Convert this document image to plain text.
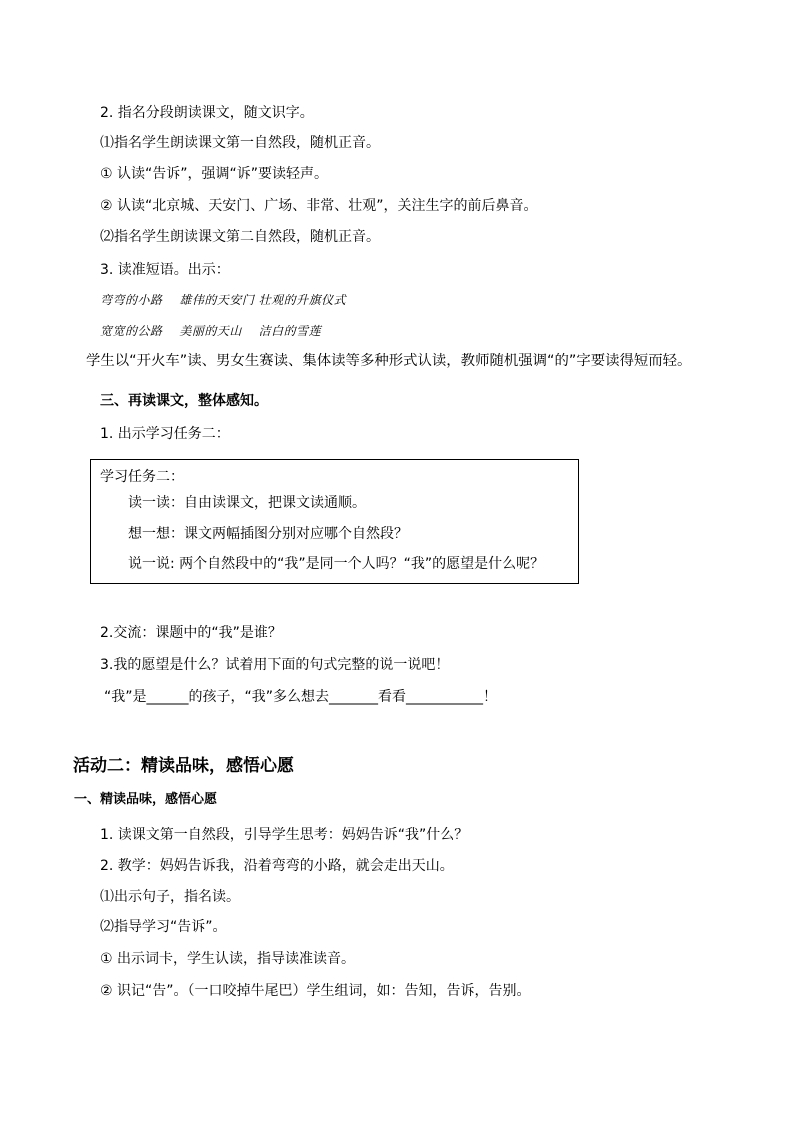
2. 指名分段朗读课文，随文识字。
⑴指名学生朗读课文第一自然段，随机正音。
① 认读“告诉”，强调“诉”要读轻声。
② 认读“北京城、天安门、广场、非常、壮观”，关注生字的前后鼻音。
⑵指名学生朗读课文第二自然段，随机正音。
3. 读准短语。出示：
弯弯的小路　 雄伟的天安门 壮观的升旗仪式
宽宽的公路　 美丽的天山　 洁白的雪莲
学生以“开火车”读、男女生赛读、集体读等多种形式认读，教师随机强调“的”字要读得短而轻。
三、再读课文，整体感知。
1. 出示学习任务二：
学习任务二：
读一读：自由读课文，把课文读通顺。
想一想：课文两幅插图分别对应哪个自然段？
说一说: 两个自然段中的“我”是同一个人吗？“我”的愿望是什么呢？
2.交流：课题中的“我”是谁？
3.我的愿望是什么？试着用下面的句式完整的说一说吧！
“我”是______的孩子，“我”多么想去_______看看___________！
活动二：精读品味，感悟心愿
一、精读品味，感悟心愿
1. 读课文第一自然段，引导学生思考：妈妈告诉“我”什么？
2. 教学：妈妈告诉我，沿着弯弯的小路，就会走出天山。
⑴出示句子，指名读。
⑵指导学习“告诉”。
① 出示词卡，学生认读，指导读准读音。
② 识记“告”。（一口咬掉牛尾巴）学生组词，如：告知，告诉，告别。
